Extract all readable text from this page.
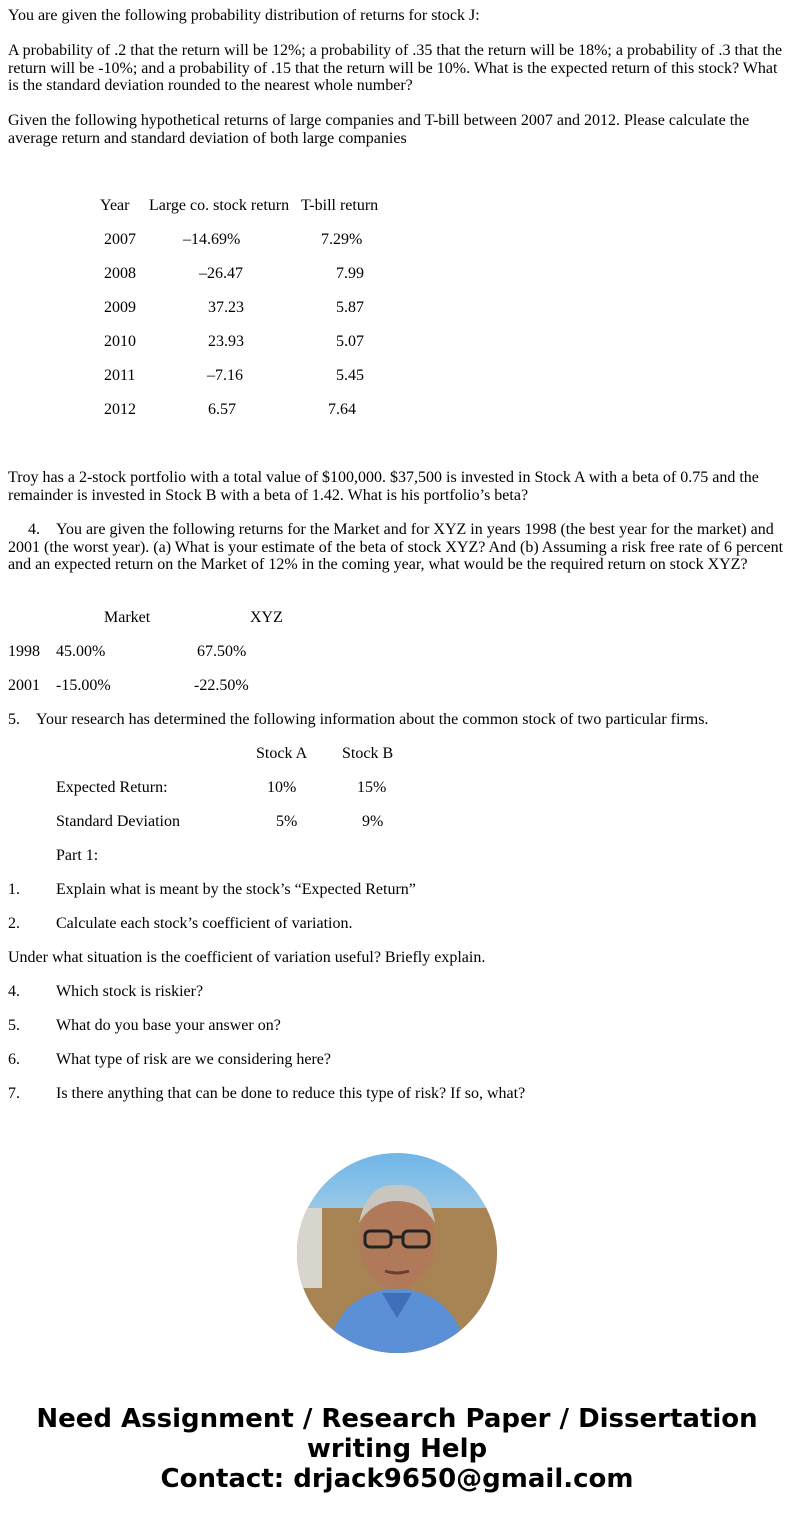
You are given the following probability distribution of returns for stock J:
A probability of .2 that the return will be 12%; a probability of .35 that the return will be 18%; a probability of .3 that the return will be -10%; and a probability of .15 that the return will be 10%. What is the expected return of this stock? What is the standard deviation rounded to the nearest whole number?
Given the following hypothetical returns of large companies and T-bill between 2007 and 2012. Please calculate the average return and standard deviation of both large companies
Year Large co. stock return T-bill return
2007	–14.69%	7.29%
2008	–26.47	7.99
2009	37.23	5.87
2010	23.93	5.07
2011	–7.16	5.45
2012	6.57	7.64
Troy has a 2-stock portfolio with a total value of $100,000. $37,500 is invested in Stock A with a beta of 0.75 and the remainder is invested in Stock B with a beta of 1.42. What is his portfolio’s beta?
4. You are given the following returns for the Market and for XYZ in years 1998 (the best year for the market) and 2001 (the worst year). (a) What is your estimate of the beta of stock XYZ? And (b) Assuming a risk free rate of 6 percent and an expected return on the Market of 12% in the coming year, what would be the required return on stock XYZ?
Market	XYZ
1998 45.00%	67.50%
2001 -15.00%	-22.50%
5. Your research has determined the following information about the common stock of two particular firms.
Stock A Stock B
Expected Return:	10%	15%
Standard Deviation	5%	9%
Part 1:
1. Explain what is meant by the stock’s “Expected Return”
2. Calculate each stock’s coefficient of variation.
Under what situation is the coefficient of variation useful? Briefly explain.
4. Which stock is riskier?
5. What do you base your answer on?
6. What type of risk are we considering here?
7. Is there anything that can be done to reduce this type of risk? If so, what?
Need Assignment / Research Paper / Dissertation
writing Help
Contact: drjack9650@gmail.com
